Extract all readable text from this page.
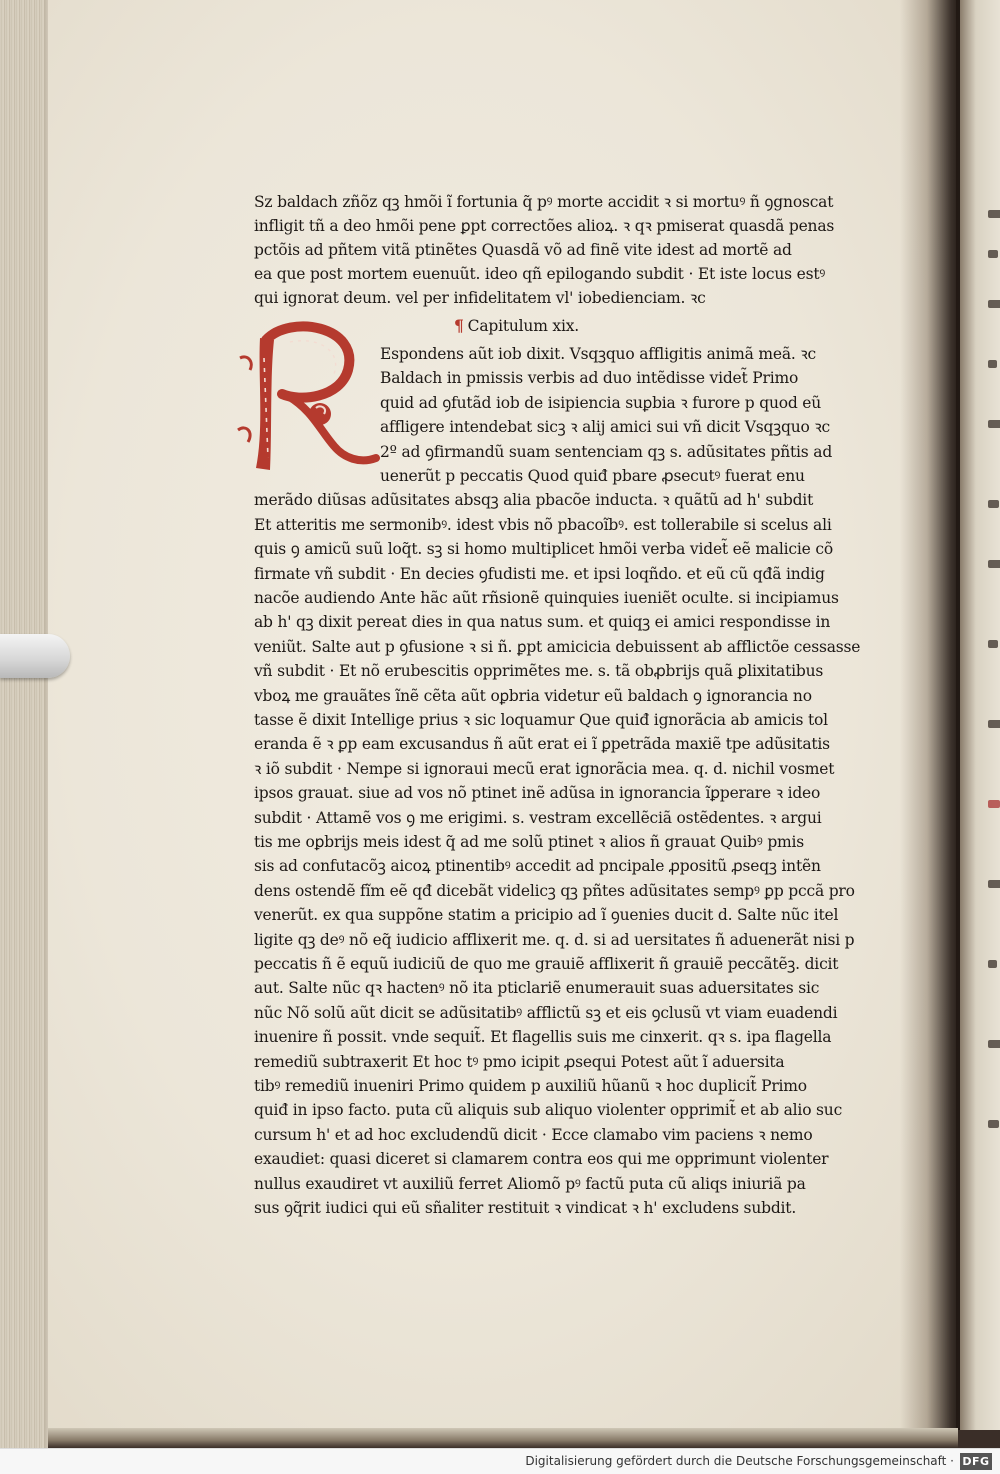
R
Sz baldach zñõz qꝫ hmõi ĩ fortunia q̃ pꝰ morte accidit ꝛ si mortuꝰ ñ ꝯgnoscat
infligit tñ a deo hmõi pene ꝑpt correctões alioꝝ. ꝛ qꝛ pmiserat quasdã penas
pctõis ad pñtem vitã ptinẽtes Quasdã võ ad finẽ vite idest ad mortẽ ad
ea que post mortem euenuũt. ideo qñ epilogando subdit · Et iste locus estꝰ
qui ignorat deum. vel per infidelitatem vl' iobedienciam. ꝛc
¶ Capitulum xix.
Espondens aũt iob dixit. Vsqꝫquo affligitis animã meã. ꝛc
Baldach in pmissis verbis ad duo intẽdisse videt̃ Primo
quid ad ꝯfutãd iob de isipiencia suꝑbia ꝛ furore p quod eũ
affligere intendebat sicꝫ ꝛ alij amici sui vñ dicit Vsqꝫquo ꝛc
2º ad ꝯfirmandũ suam sentenciam qꝫ s. adũsitates pñtis ad
uenerũt p peccatis Quod quiđ pbare ꝓsecutꝰ fuerat enu
merãdo diũsas adũsitates absqꝫ alia pbacõe inducta. ꝛ quãtũ ad h' subdit
Et atteritis me sermonibꝰ. idest vbis nõ pbacoĩbꝰ. est tollerabile si scelus ali
quis ꝯ amicũ suũ loq̃t. sꝫ si homo multiplicet hmõi verba videt̃ eẽ malicie cõ
firmate vñ subdit · En decies ꝯfudisti me. et ipsi loqñdo. et eũ cũ qđã indig
nacõe audiendo Ante hãc aũt rñsionẽ quinquies iueniẽt oculte. si incipiamus
ab h' qꝫ dixit pereat dies in qua natus sum. et quiqꝫ ei amici respondisse in
veniũt. Salte aut p ꝯfusione ꝛ si ñ. ꝑpt amicicia debuissent ab afflictõe cessasse
vñ subdit · Et nõ erubescitis opprimẽtes me. s. tã obꝓbrijs quã ꝑlixitatibus
vboꝝ me grauãtes ĩnẽ cẽta aũt oꝑbria videtur eũ baldach ꝯ ignorancia no
tasse ẽ dixit Intellige prius ꝛ sic loquamur Que quiđ ignorãcia ab amicis tol
eranda ẽ ꝛ ꝑp eam excusandus ñ aũt erat ei ĩ ꝑpetrãda maxiẽ tpe adũsitatis
ꝛ iõ subdit · Nempe si ignoraui mecũ erat ignorãcia mea. q. d. nichil vosmet
ipsos grauat. siue ad vos nõ ptinet inẽ adũsa in ignorancia ĩꝑperare ꝛ ideo
subdit · Attamẽ vos ꝯ me erigimi. s. vestram excellẽciã ostẽdentes. ꝛ argui
tis me oꝑbrijs meis idest q̃ ad me solũ ptinet ꝛ alios ñ grauat Quibꝰ pmis
sis ad confutacõꝫ aicoꝝ ptinentibꝰ accedit ad pncipale ꝓpositũ ꝓseqꝫ intẽn
dens ostendẽ fĩm eẽ qđ dicebãt videlicꝫ qꝫ pñtes adũsitates sempꝰ ꝑp pccã pro
venerũt. ex qua suppõne statim a pricipio ad ĩ ꝯuenies ducit d. Salte nũc itel
ligite qꝫ deꝰ nõ eq̃ iudicio afflixerit me. q. d. si ad uersitates ñ aduenerãt nisi p
peccatis ñ ẽ equũ iudiciũ de quo me grauiẽ afflixerit ñ grauiẽ peccãtẽꝫ. dicit
aut. Salte nũc qꝛ hactenꝰ nõ ita pticlariẽ enumerauit suas aduersitates sic
nũc Nõ solũ aũt dicit se adũsitatibꝰ afflictũ sꝫ et eis ꝯclusũ vt viam euadendi
inuenire ñ possit. vnde sequit̃. Et flagellis suis me cinxerit. qꝛ s. ipa flagella
remediũ subtraxerit Et hoc tꝰ pmo icipit ꝓsequi Potest aũt ĩ aduersita
tibꝰ remediũ inueniri Primo quidem p auxiliũ hũanũ ꝛ hoc duplicit̃ Primo
quiđ in ipso facto. puta cũ aliquis sub aliquo violenter opprimit̃ et ab alio suc
cursum h' et ad hoc excludendũ dicit · Ecce clamabo vim paciens ꝛ nemo
exaudiet: quasi diceret si clamarem contra eos qui me opprimunt violenter
nullus exaudiret vt auxiliũ ferret Aliomõ pꝰ factũ puta cũ aliqs iniuriã pa
sus ꝯq̃rit iudici qui eũ sñaliter restituit ꝛ vindicat ꝛ h' excludens subdit.
Digitalisierung gefördert durch die Deutsche Forschungsgemeinschaft · DFG
